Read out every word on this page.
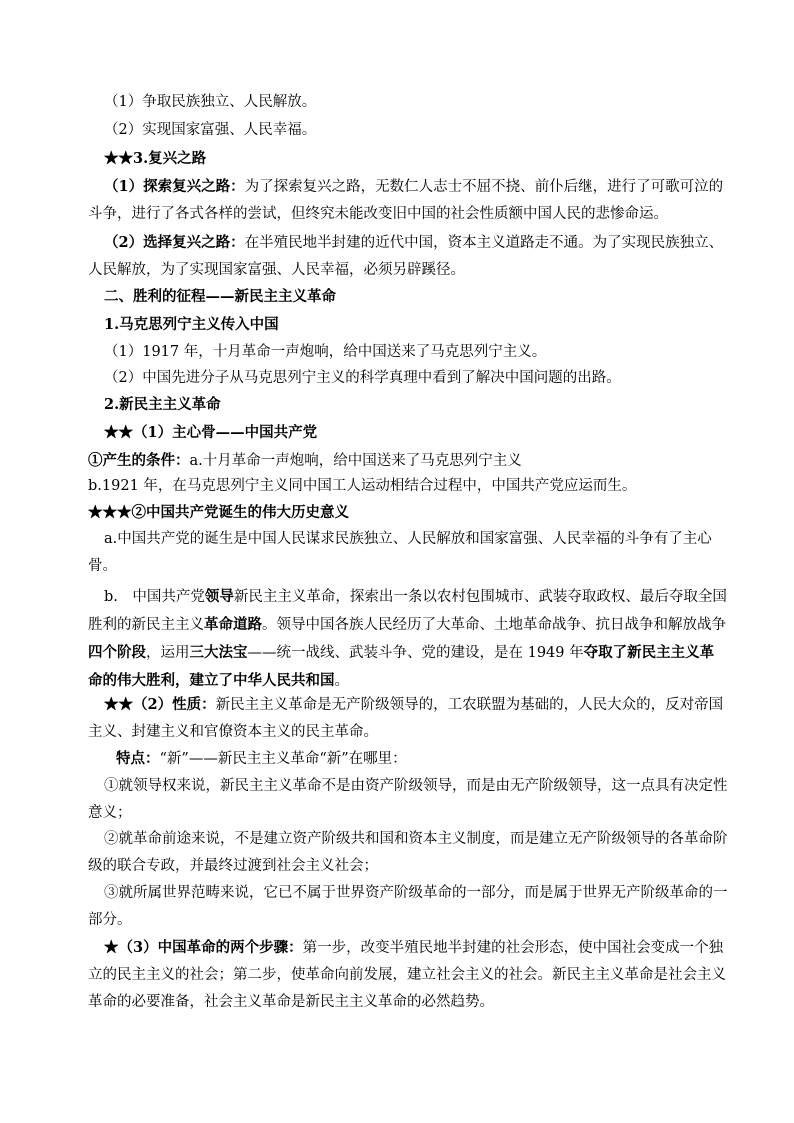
（1）争取民族独立、人民解放。

（2）实现国家富强、人民幸福。

★★3.复兴之路

（1）探索复兴之路：为了探索复兴之路，无数仁人志士不屈不挠、前仆后继，进行了可歌可泣的斗争，进行了各式各样的尝试，但终究未能改变旧中国的社会性质额中国人民的悲惨命运。

（2）选择复兴之路：在半殖民地半封建的近代中国，资本主义道路走不通。为了实现民族独立、人民解放，为了实现国家富强、人民幸福，必须另辟蹊径。

二、胜利的征程——新民主主义革命

1.马克思列宁主义传入中国

（1）1917 年，十月革命一声炮响，给中国送来了马克思列宁主义。

（2）中国先进分子从马克思列宁主义的科学真理中看到了解决中国问题的出路。

2.新民主主义革命

★★（1）主心骨——中国共产党

①产生的条件：a.十月革命一声炮响，给中国送来了马克思列宁主义

b.1921 年，在马克思列宁主义同中国工人运动相结合过程中，中国共产党应运而生。

★★★②中国共产党诞生的伟大历史意义

a.中国共产党的诞生是中国人民谋求民族独立、人民解放和国家富强、人民幸福的斗争有了主心骨。

b.　中国共产党领导新民主主义革命，探索出一条以农村包围城市、武装夺取政权、最后夺取全国胜利的新民主主义革命道路。领导中国各族人民经历了大革命、土地革命战争、抗日战争和解放战争四个阶段，运用三大法宝——统一战线、武装斗争、党的建设，是在 1949 年夺取了新民主主义革命的伟大胜利，建立了中华人民共和国。

★★（2）性质：新民主主义革命是无产阶级领导的，工农联盟为基础的，人民大众的，反对帝国主义、封建主义和官僚资本主义的民主革命。

特点：“新”——新民主主义革命“新”在哪里：

①就领导权来说，新民主主义革命不是由资产阶级领导，而是由无产阶级领导，这一点具有决定性意义；

②就革命前途来说，不是建立资产阶级共和国和资本主义制度，而是建立无产阶级领导的各革命阶级的联合专政，并最终过渡到社会主义社会；

③就所属世界范畴来说，它已不属于世界资产阶级革命的一部分，而是属于世界无产阶级革命的一部分。

★（3）中国革命的两个步骤：第一步，改变半殖民地半封建的社会形态，使中国社会变成一个独立的民主主义的社会；第二步，使革命向前发展，建立社会主义的社会。新民主主义革命是社会主义革命的必要准备，社会主义革命是新民主主义革命的必然趋势。
